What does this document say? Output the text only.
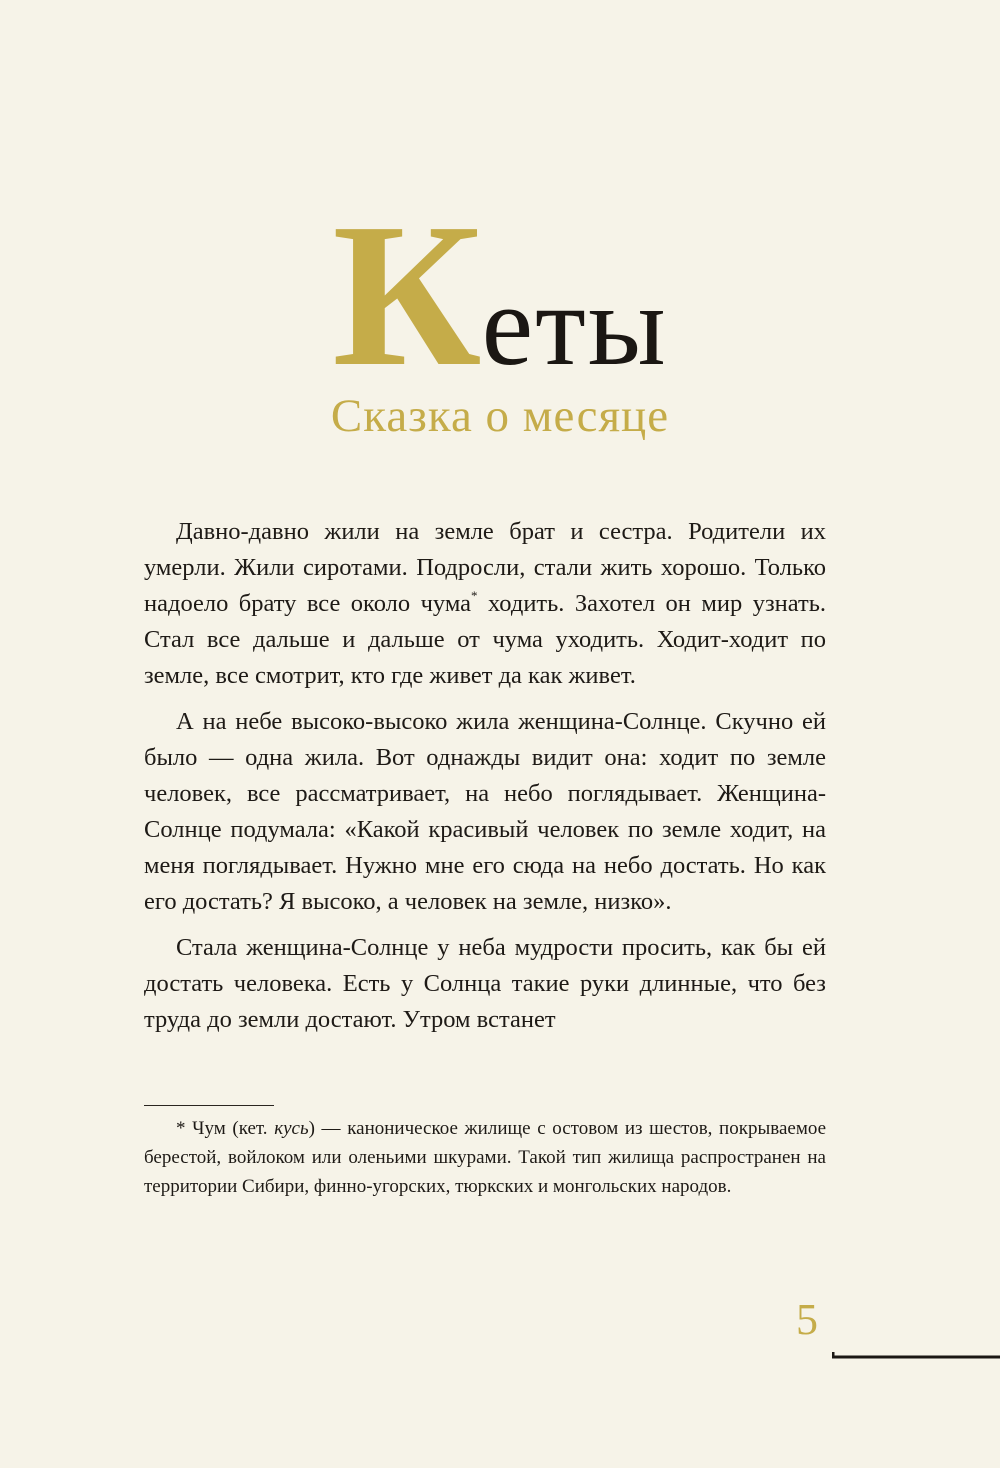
Кеты
Сказка о месяце

Давно-давно жили на земле брат и сестра. Родители их умерли. Жили сиротами. Подросли, стали жить хорошо. Только надоело брату все около чума* ходить. Захотел он мир узнать. Стал все дальше и дальше от чума уходить. Ходит-ходит по земле, все смотрит, кто где живет да как живет.

А на небе высоко-высоко жила женщина-Солнце. Скучно ей было — одна жила. Вот однажды видит она: ходит по земле человек, все рассматривает, на небо поглядывает. Женщина-Солнце подумала: «Какой красивый человек по земле ходит, на меня поглядывает. Нужно мне его сюда на небо достать. Но как его достать? Я высоко, а человек на земле, низко».

Стала женщина-Солнце у неба мудрости просить, как бы ей достать человека. Есть у Солнца такие руки длинные, что без труда до земли достают. Утром встанет

* Чум (кет. кусь) — каноническое жилище с остовом из шестов, покрываемое берестой, войлоком или оленьими шкурами. Такой тип жилища распространен на территории Сибири, финно-угорских, тюркских и монгольских народов.

5
